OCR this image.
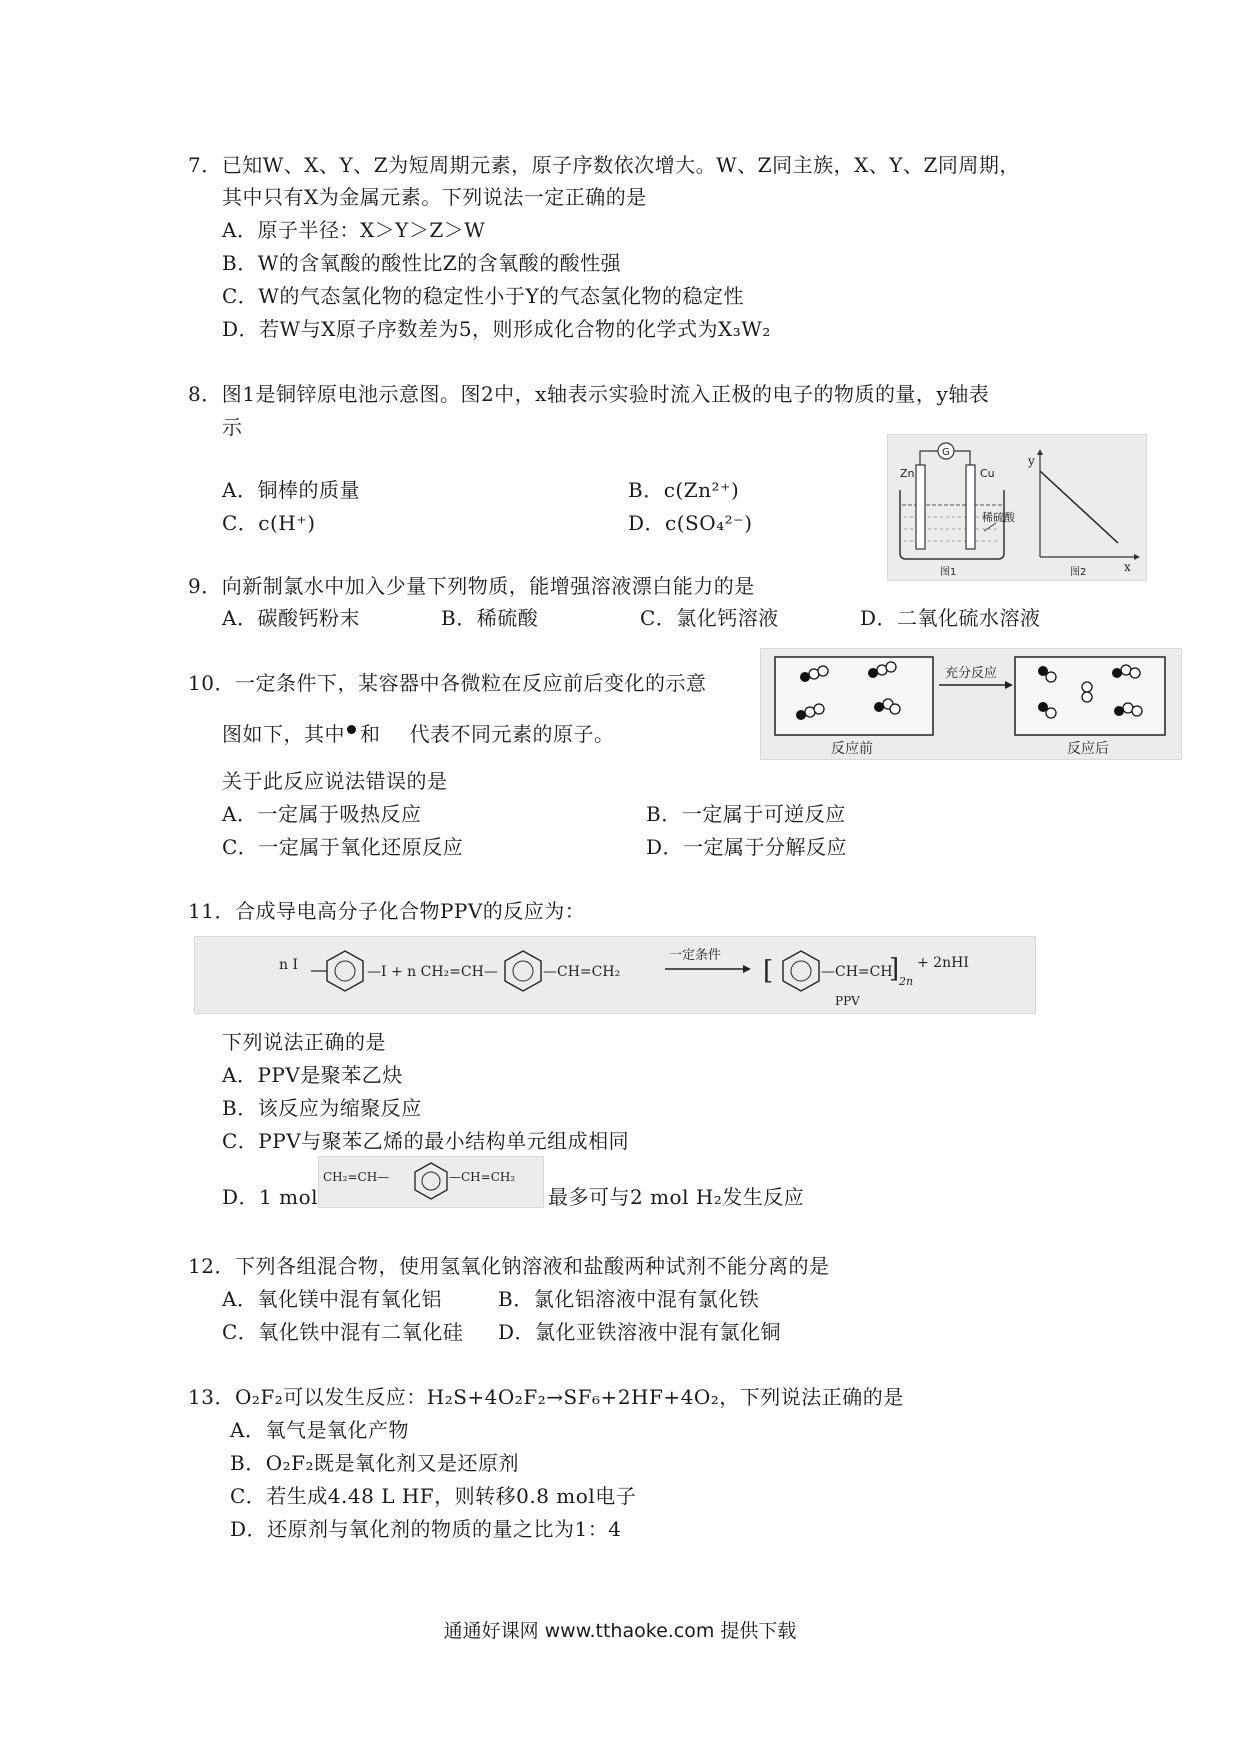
7．已知W、X、Y、Z为短周期元素，原子序数依次增大。W、Z同主族，X、Y、Z同周期，
其中只有X为金属元素。下列说法一定正确的是
A．原子半径：X＞Y＞Z＞W
B．W的含氧酸的酸性比Z的含氧酸的酸性强
C．W的气态氢化物的稳定性小于Y的气态氢化物的稳定性
D．若W与X原子序数差为5，则形成化合物的化学式为X₃W₂
8．图1是铜锌原电池示意图。图2中，x轴表示实验时流入正极的电子的物质的量，y轴表
示
A．铜棒的质量	B．c(Zn²⁺)
C．c(H⁺)	D．c(SO₄²⁻)
G
Zn	Cu
稀硫酸
图1
y
x
图2
9．向新制氯水中加入少量下列物质，能增强溶液漂白能力的是
A．碳酸钙粉末	B．稀硫酸	C．氯化钙溶液	D．二氧化硫水溶液
10．一定条件下，某容器中各微粒在反应前后变化的示意
图如下，其中 和 代表不同元素的原子。
关于此反应说法错误的是
A．一定属于吸热反应	B．一定属于可逆反应
C．一定属于氧化还原反应	D．一定属于分解反应
充分反应
反应前	反应后
11．合成导电高分子化合物PPV的反应为：
n I	—I + n CH₂=CH—	—CH=CH₂
一定条件
[	—CH=CH
] 2n
+ 2nHI
PPV
下列说法正确的是
A．PPV是聚苯乙炔
B．该反应为缩聚反应
C．PPV与聚苯乙烯的最小结构单元组成相同
D．1 mol
CH₂=CH—	—CH=CH₂
最多可与2 mol H₂发生反应
12．下列各组混合物，使用氢氧化钠溶液和盐酸两种试剂不能分离的是
A．氧化镁中混有氧化铝	B．氯化铝溶液中混有氯化铁
C．氧化铁中混有二氧化硅 D．氯化亚铁溶液中混有氯化铜
13．O₂F₂可以发生反应：H₂S+4O₂F₂→SF₆+2HF+4O₂，下列说法正确的是
A．氧气是氧化产物
B．O₂F₂既是氧化剂又是还原剂
C．若生成4.48 L HF，则转移0.8 mol电子
D．还原剂与氧化剂的物质的量之比为1：4
通通好课网 www.tthaoke.com 提供下载
